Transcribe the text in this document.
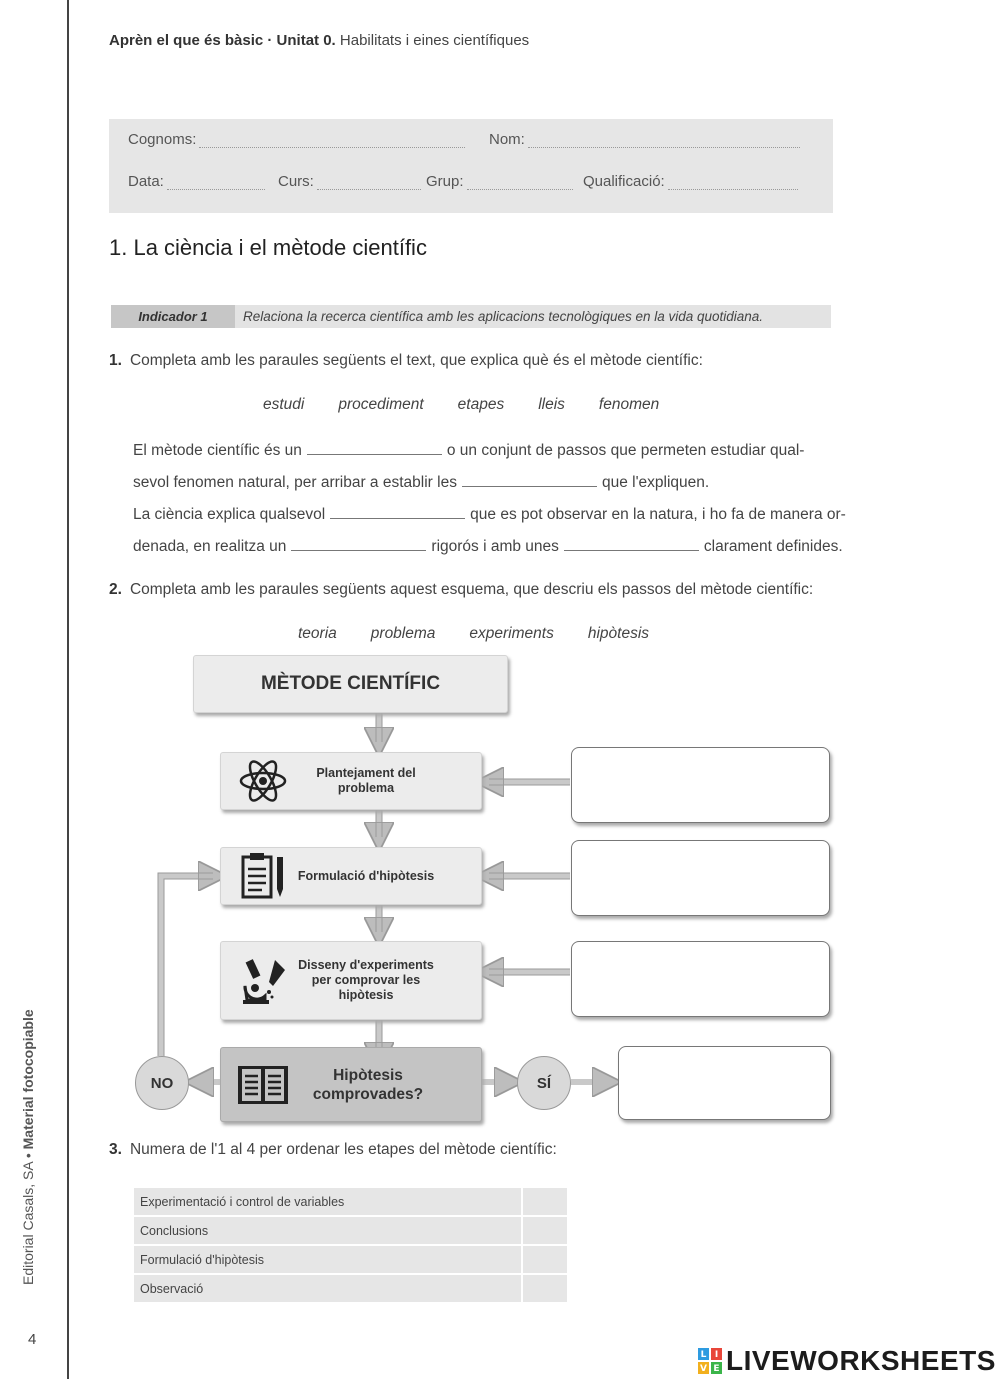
Editorial Casals, SA • Material fotocopiable
4
Aprèn el que és bàsic · Unitat 0. Habilitats i eines científiques
Cognoms:	Nom:
Data:	Curs:	Grup:	Qualificació:
1. La ciència i el mètode científic
Indicador 1	Relaciona la recerca científica amb les aplicacions tecnològiques en la vida quotidiana.
1. Completa amb les paraules següents el text, que explica què és el mètode científic:
estudi procediment etapes lleis fenomen
El mètode científic és un	o un conjunt de passos que permeten estudiar qual-
sevol fenomen natural, per arribar a establir les	que l'expliquen.
La ciència explica qualsevol	que es pot observar en la natura, i ho fa de manera or-
denada, en realitza un	rigorós i amb unes	clarament definides.
2. Completa amb les paraules següents aquest esquema, que descriu els passos del mètode científic:
teoria problema experiments hipòtesis
MÈTODE CIENTÍFIC
Plantejament del problema
Formulació d'hipòtesis
Disseny d'experiments per comprovar les hipòtesis
Hipòtesis comprovades?
NO	SÍ
3. Numera de l'1 al 4 per ordenar les etapes del mètode científic:
Experimentació i control de variables	
Conclusions	
Formulació d'hipòtesis	
Observació	
L I
V E LIVEWORKSHEETS
